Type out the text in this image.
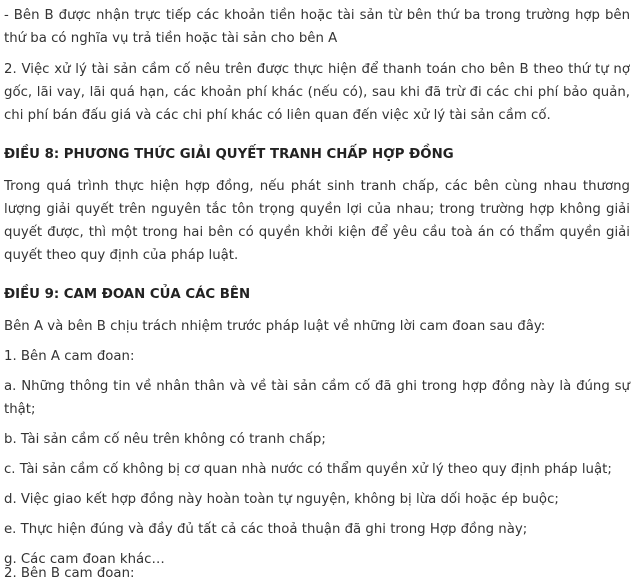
- Bên B được nhận trực tiếp các khoản tiền hoặc tài sản từ bên thứ ba trong trường hợp bên thứ ba có nghĩa vụ trả tiền hoặc tài sản cho bên A

2. Việc xử lý tài sản cầm cố nêu trên được thực hiện để thanh toán cho bên B theo thứ tự nợ gốc, lãi vay, lãi quá hạn, các khoản phí khác (nếu có), sau khi đã trừ đi các chi phí bảo quản, chi phí bán đấu giá và các chi phí khác có liên quan đến việc xử lý tài sản cầm cố.

ĐIỀU 8: PHƯƠNG THỨC GIẢI QUYẾT TRANH CHẤP HỢP ĐỒNG

Trong quá trình thực hiện hợp đồng, nếu phát sinh tranh chấp, các bên cùng nhau thương lượng giải quyết trên nguyên tắc tôn trọng quyền lợi của nhau; trong trường hợp không giải quyết được, thì một trong hai bên có quyền khởi kiện để yêu cầu toà án có thẩm quyền giải quyết theo quy định của pháp luật.

ĐIỀU 9: CAM ĐOAN CỦA CÁC BÊN

Bên A và bên B chịu trách nhiệm trước pháp luật về những lời cam đoan sau đây:

1. Bên A cam đoan:

a. Những thông tin về nhân thân và về tài sản cầm cố đã ghi trong hợp đồng này là đúng sự thật;

b. Tài sản cầm cố nêu trên không có tranh chấp;

c. Tài sản cầm cố không bị cơ quan nhà nước có thẩm quyền xử lý theo quy định pháp luật;

d. Việc giao kết hợp đồng này hoàn toàn tự nguyện, không bị lừa dối hoặc ép buộc;

e. Thực hiện đúng và đầy đủ tất cả các thoả thuận đã ghi trong Hợp đồng này;

g. Các cam đoan khác…

2. Bên B cam đoan:
